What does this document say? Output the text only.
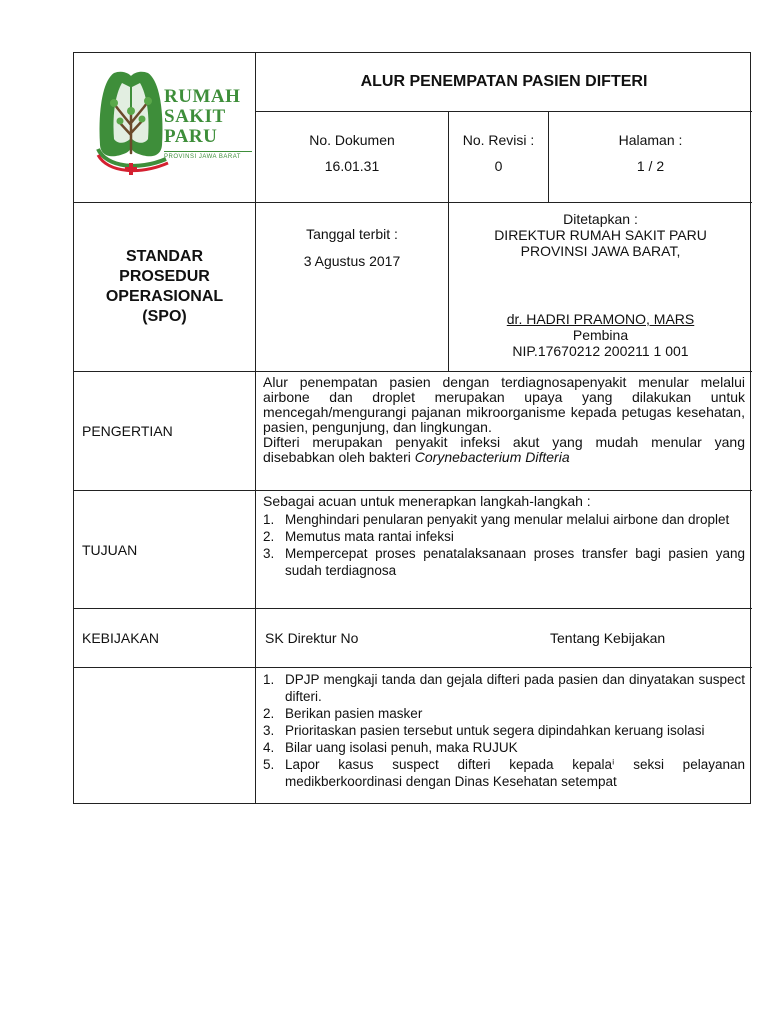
RUMAH
SAKIT
PARU
PROVINSI JAWA BARAT
ALUR PENEMPATAN PASIEN DIFTERI
No. Dokumen
16.01.31
No. Revisi :
0
Halaman :
1 / 2
STANDAR
PROSEDUR
OPERASIONAL
(SPO)
Tanggal terbit :
3 Agustus 2017
Ditetapkan :
DIREKTUR RUMAH SAKIT PARU
PROVINSI JAWA BARAT,
dr. HADRI PRAMONO, MARS
Pembina
NIP.17670212 200211 1 001
PENGERTIAN
Alur penempatan pasien dengan terdiagnosapenyakit menular melalui airbone dan droplet merupakan upaya yang dilakukan untuk mencegah/mengurangi pajanan mikroorganisme kepada petugas kesehatan, pasien, pengunjung, dan lingkungan.
Difteri merupakan penyakit infeksi akut yang mudah menular yang disebabkan oleh bakteri Corynebacterium Difteria
TUJUAN
Sebagai acuan untuk menerapkan langkah-langkah :
1. Menghindari penularan penyakit yang menular melalui airbone dan droplet
2. Memutus mata rantai infeksi
3. Mempercepat proses penatalaksanaan proses transfer bagi pasien yang sudah terdiagnosa
KEBIJAKAN	SK Direktur No	Tentang Kebijakan
1. DPJP mengkaji tanda dan gejala difteri pada pasien dan dinyatakan suspect difteri.
2. Berikan pasien masker
3. Prioritaskan pasien tersebut untuk segera dipindahkan keruang isolasi
4. Bilar uang isolasi penuh, maka RUJUK
5. Lapor kasus suspect difteri kepada kepalaⁱ seksi pelayanan medikberkoordinasi dengan Dinas Kesehatan setempat
